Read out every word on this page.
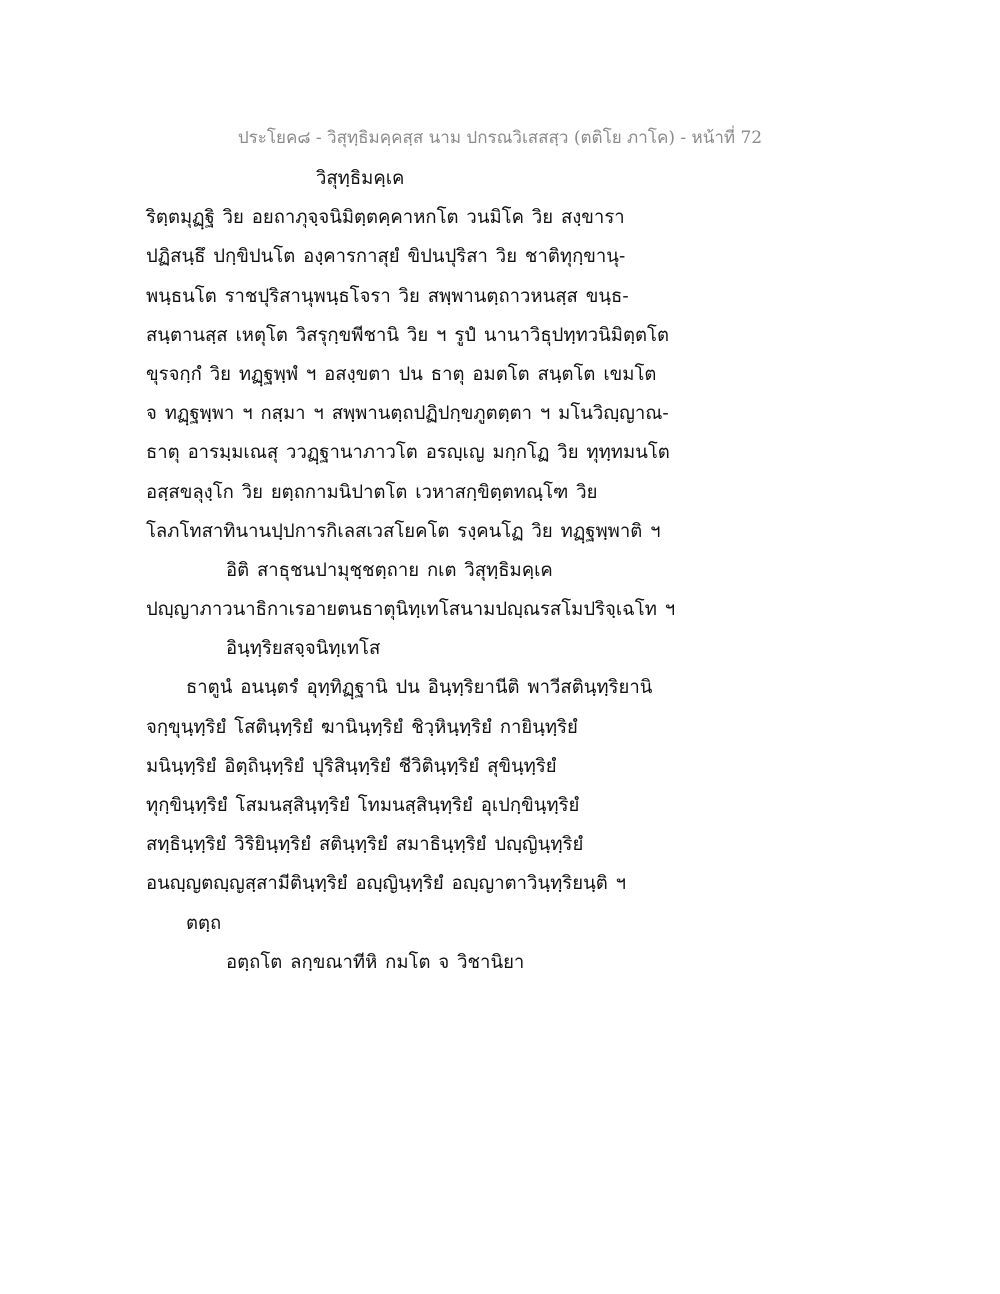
ประโยค๘ - วิสุทฺธิมคฺคสฺส นาม ปกรณวิเสสสฺว (ตติโย ภาโค) - หน้าที่ 72
วิสุทฺธิมคฺเค
ริตฺตมุฏฺฐิ วิย อยถาภุจฺจนิมิตฺตคฺคาหกโต วนมิโค วิย สงฺขารา
ปฏิสนฺธึ ปกฺขิปนโต องฺคารกาสุยํ ขิปนปุริสา วิย ชาติทุกฺขานุ-
พนฺธนโต ราชปุริสานุพนฺธโจรา วิย สพฺพานตฺถาวหนสฺส ขนฺธ-
สนฺตานสฺส เหตุโต วิสรุกฺขพีชานิ วิย ฯ รูปํ นานาวิธุปทฺทวนิมิตฺตโต
ขุรจกฺกํ วิย ทฏฺฐพฺพํ ฯ อสงฺขตา ปน ธาตุ อมตโต สนฺตโต เขมโต
จ ทฏฺฐพฺพา ฯ กสฺมา ฯ สพฺพานตฺถปฏิปกฺขภูตตฺตา ฯ มโนวิญฺญาณ-
ธาตุ อารมฺมเณสุ ววฏฺฐานาภาวโต อรญฺเญ มกฺกโฏ วิย ทุทฺทมนโต
อสฺสขลุงฺโก วิย ยตฺถกามนิปาตโต เวหาสกฺขิตฺตทณฺโฑ วิย
โลภโทสาทินานปฺปการกิเลสเวสโยคโต รงฺคนโฏ วิย ทฏฺฐพฺพาติ ฯ
อิติ สาธุชนปามุชฺชตฺถาย กเต วิสุทฺธิมคฺเค
ปญฺญาภาวนาธิกาเรอายตนธาตุนิทฺเทโสนามปญฺณรสโมปริจฺเฉโท ฯ
อินฺทฺริยสจฺจนิทฺเทโส
ธาตูนํ อนนฺตรํ อุทฺทิฏฺฐานิ ปน อินฺทฺริยานีติ พาวีสตินฺทฺริยานิ
จกฺขุนฺทฺริยํ โสตินฺทฺริยํ ฆานินฺทฺริยํ ชิวฺหินฺทฺริยํ กายินฺทฺริยํ
มนินฺทฺริยํ อิตฺถินฺทฺริยํ ปุริสินฺทฺริยํ ชีวิตินฺทฺริยํ สุขินฺทฺริยํ
ทุกฺขินฺทฺริยํ โสมนสฺสินฺทฺริยํ โทมนสฺสินฺทฺริยํ อุเปกฺขินฺทฺริยํ
สทฺธินฺทฺริยํ วิริยินฺทฺริยํ สตินฺทฺริยํ สมาธินฺทฺริยํ ปญฺญินฺทฺริยํ
อนญฺญตญฺญสฺสามีตินฺทฺริยํ อญฺญินฺทฺริยํ อญฺญาตาวินฺทฺริยนฺติ ฯ
ตตฺถ
อตฺถโต ลกฺขณาทีหิ กมโต จ วิชานิยา
